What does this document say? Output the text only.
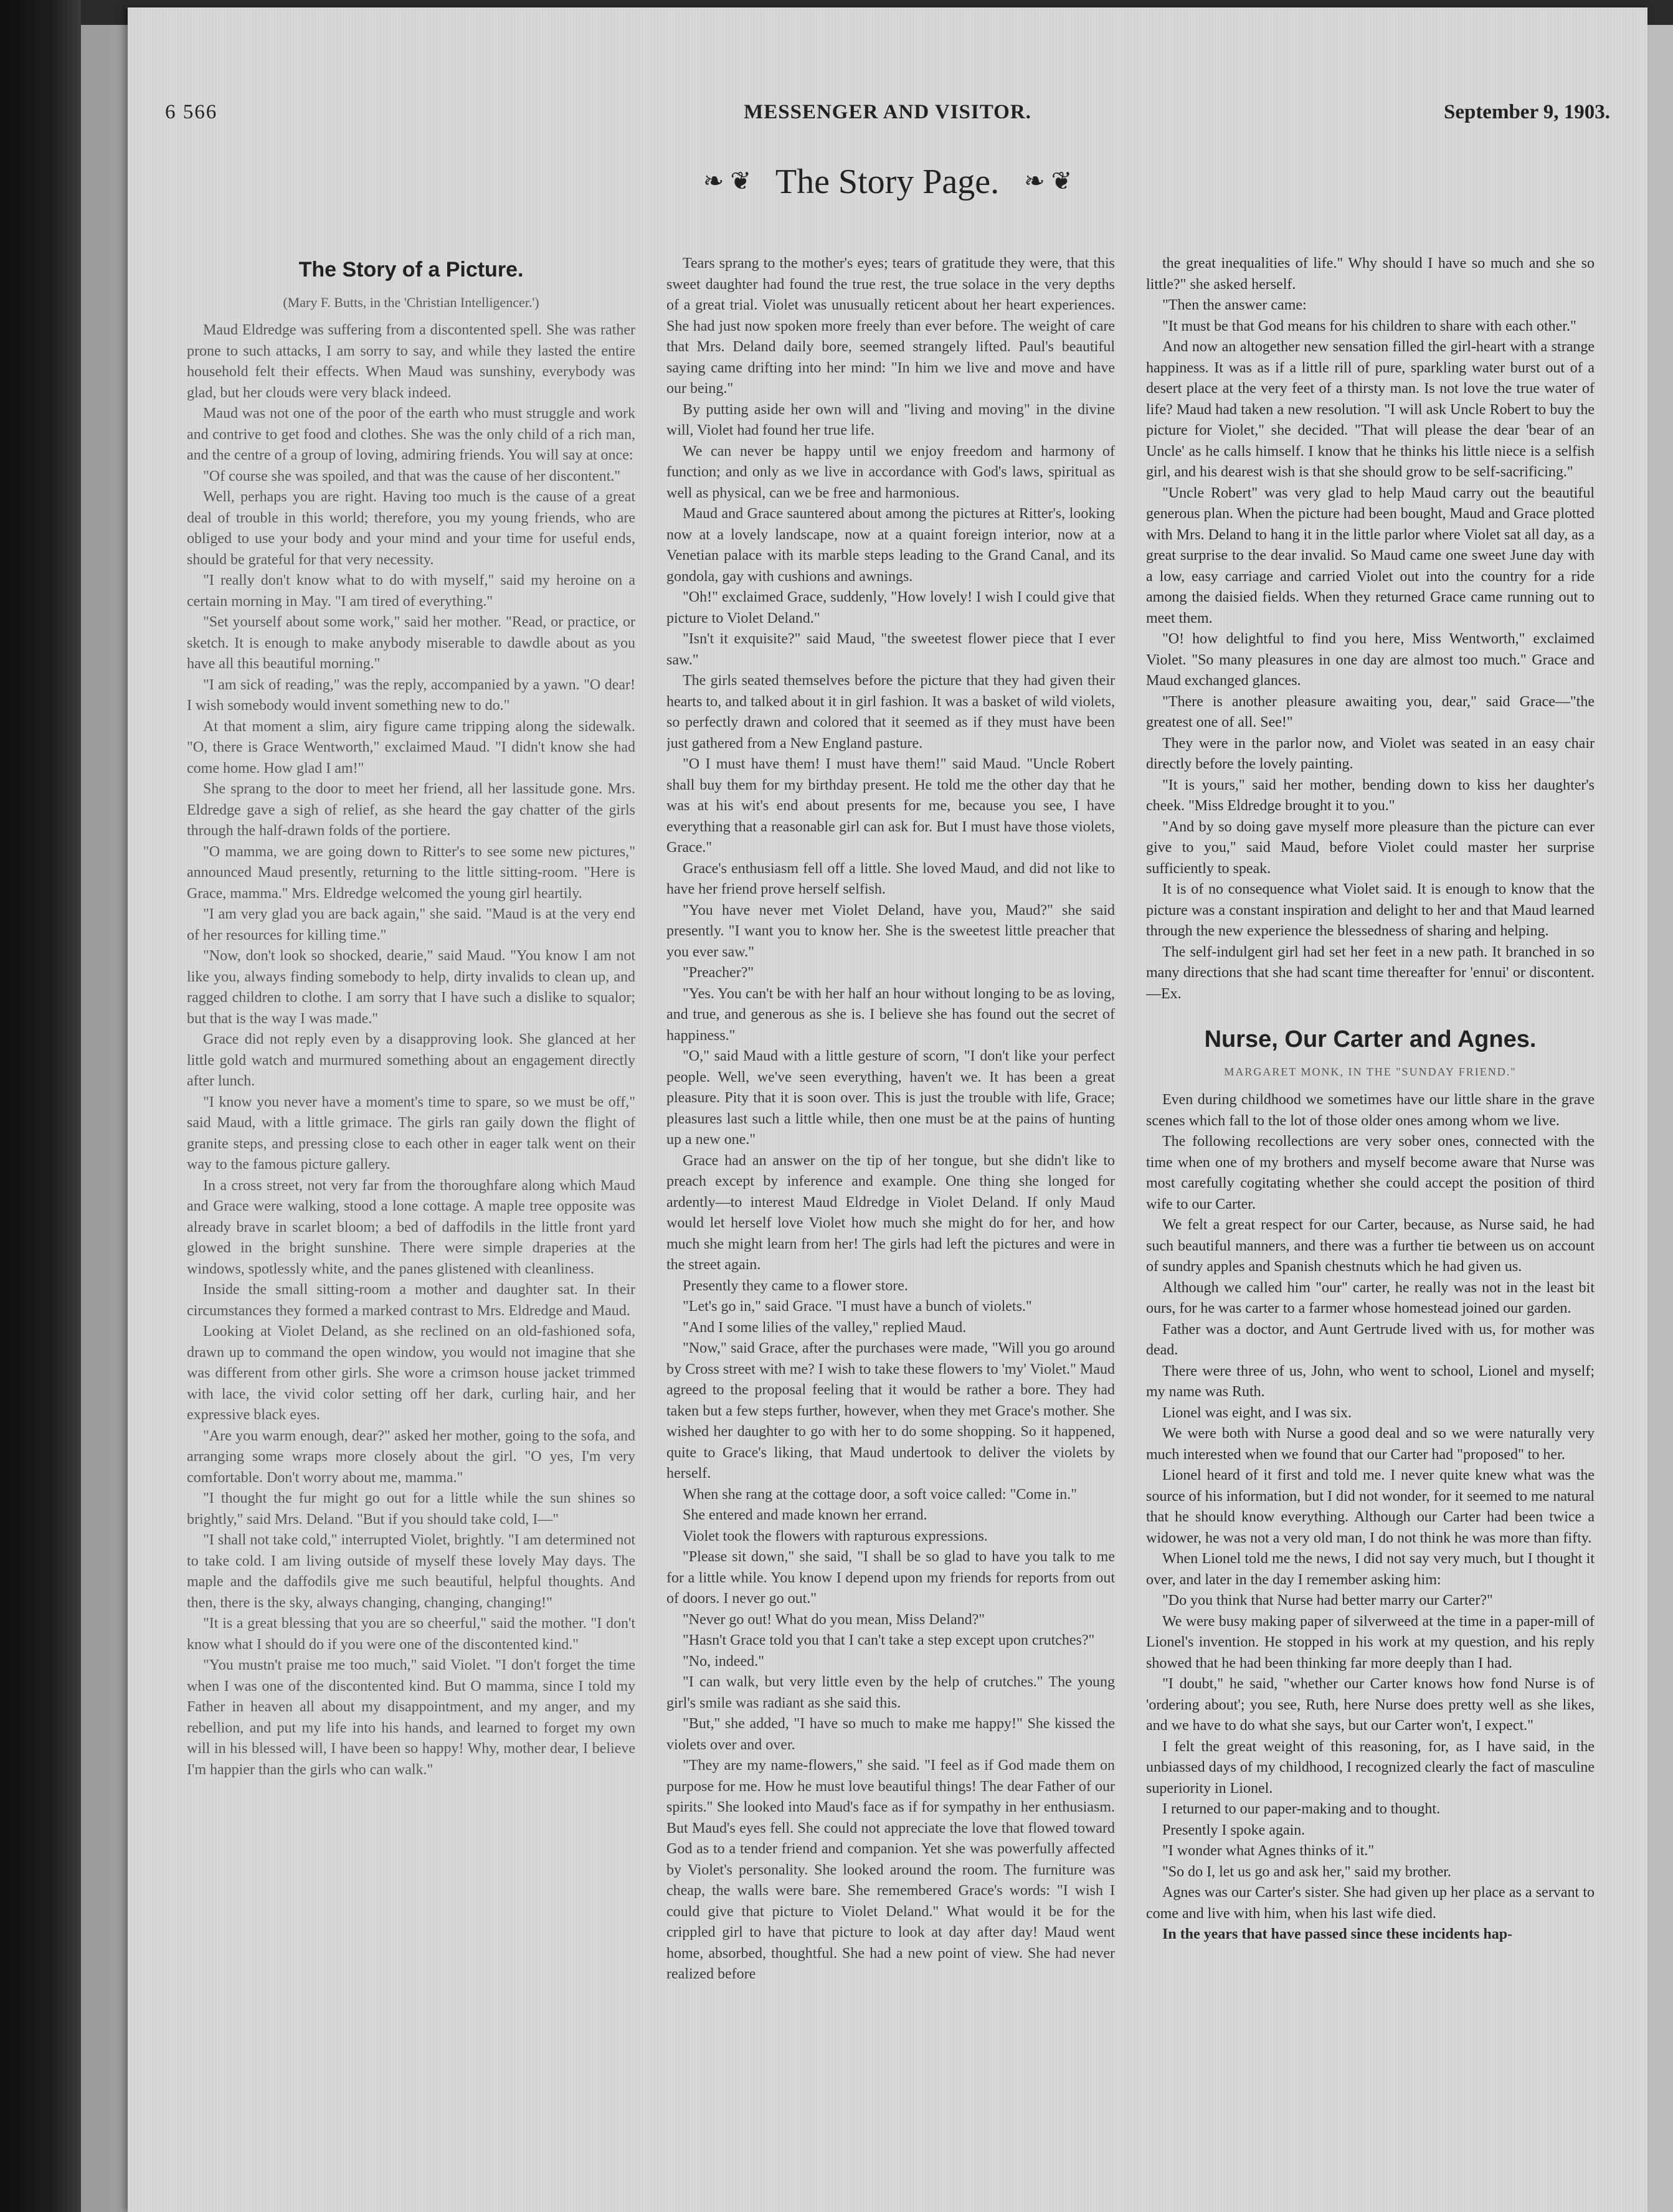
6 566	MESSENGER AND VISITOR.	September 9, 1903.
❧ ❦ The Story Page. ❧ ❦
The Story of a Picture.
(Mary F. Butts, in the 'Christian Intelligencer.')

Maud Eldredge was suffering from a discontented spell. She was rather prone to such attacks, I am sorry to say, and while they lasted the entire household felt their effects. When Maud was sunshiny, everybody was glad, but her clouds were very black indeed.

Maud was not one of the poor of the earth who must struggle and work and contrive to get food and clothes. She was the only child of a rich man, and the centre of a group of loving, admiring friends. You will say at once:

"Of course she was spoiled, and that was the cause of her discontent."

Well, perhaps you are right. Having too much is the cause of a great deal of trouble in this world; therefore, you my young friends, who are obliged to use your body and your mind and your time for useful ends, should be grateful for that very necessity.

"I really don't know what to do with myself," said my heroine on a certain morning in May. "I am tired of everything."

"Set yourself about some work," said her mother. "Read, or practice, or sketch. It is enough to make anybody miserable to dawdle about as you have all this beautiful morning."

"I am sick of reading," was the reply, accompanied by a yawn. "O dear! I wish somebody would invent something new to do."

At that moment a slim, airy figure came tripping along the sidewalk. "O, there is Grace Wentworth," exclaimed Maud. "I didn't know she had come home. How glad I am!"

She sprang to the door to meet her friend, all her lassitude gone. Mrs. Eldredge gave a sigh of relief, as she heard the gay chatter of the girls through the half-drawn folds of the portiere.

"O mamma, we are going down to Ritter's to see some new pictures," announced Maud presently, returning to the little sitting-room. "Here is Grace, mamma." Mrs. Eldredge welcomed the young girl heartily.

"I am very glad you are back again," she said. "Maud is at the very end of her resources for killing time."

"Now, don't look so shocked, dearie," said Maud. "You know I am not like you, always finding somebody to help, dirty invalids to clean up, and ragged children to clothe. I am sorry that I have such a dislike to squalor; but that is the way I was made."

Grace did not reply even by a disapproving look. She glanced at her little gold watch and murmured something about an engagement directly after lunch.

"I know you never have a moment's time to spare, so we must be off," said Maud, with a little grimace. The girls ran gaily down the flight of granite steps, and pressing close to each other in eager talk went on their way to the famous picture gallery.

In a cross street, not very far from the thoroughfare along which Maud and Grace were walking, stood a lone cottage. A maple tree opposite was already brave in scarlet bloom; a bed of daffodils in the little front yard glowed in the bright sunshine. There were simple draperies at the windows, spotlessly white, and the panes glistened with cleanliness.

Inside the small sitting-room a mother and daughter sat. In their circumstances they formed a marked contrast to Mrs. Eldredge and Maud.

Looking at Violet Deland, as she reclined on an old-fashioned sofa, drawn up to command the open window, you would not imagine that she was different from other girls. She wore a crimson house jacket trimmed with lace, the vivid color setting off her dark, curling hair, and her expressive black eyes.

"Are you warm enough, dear?" asked her mother, going to the sofa, and arranging some wraps more closely about the girl. "O yes, I'm very comfortable. Don't worry about me, mamma."

"I thought the fur might go out for a little while the sun shines so brightly," said Mrs. Deland. "But if you should take cold, I—"

"I shall not take cold," interrupted Violet, brightly. "I am determined not to take cold. I am living outside of myself these lovely May days. The maple and the daffodils give me such beautiful, helpful thoughts. And then, there is the sky, always changing, changing, changing!"

"It is a great blessing that you are so cheerful," said the mother. "I don't know what I should do if you were one of the discontented kind."

"You mustn't praise me too much," said Violet. "I don't forget the time when I was one of the discontented kind. But O mamma, since I told my Father in heaven all about my disappointment, and my anger, and my rebellion, and put my life into his hands, and learned to forget my own will in his blessed will, I have been so happy! Why, mother dear, I believe I'm happier than the girls who can walk."

Tears sprang to the mother's eyes; tears of gratitude they were, that this sweet daughter had found the true rest, the true solace in the very depths of a great trial. Violet was unusually reticent about her heart experiences. She had just now spoken more freely than ever before. The weight of care that Mrs. Deland daily bore, seemed strangely lifted. Paul's beautiful saying came drifting into her mind: "In him we live and move and have our being."

By putting aside her own will and "living and moving" in the divine will, Violet had found her true life.

We can never be happy until we enjoy freedom and harmony of function; and only as we live in accordance with God's laws, spiritual as well as physical, can we be free and harmonious.

Maud and Grace sauntered about among the pictures at Ritter's, looking now at a lovely landscape, now at a quaint foreign interior, now at a Venetian palace with its marble steps leading to the Grand Canal, and its gondola, gay with cushions and awnings.

"Oh!" exclaimed Grace, suddenly, "How lovely! I wish I could give that picture to Violet Deland."

"Isn't it exquisite?" said Maud, "the sweetest flower piece that I ever saw."

The girls seated themselves before the picture that they had given their hearts to, and talked about it in girl fashion. It was a basket of wild violets, so perfectly drawn and colored that it seemed as if they must have been just gathered from a New England pasture.

"O I must have them! I must have them!" said Maud. "Uncle Robert shall buy them for my birthday present. He told me the other day that he was at his wit's end about presents for me, because you see, I have everything that a reasonable girl can ask for. But I must have those violets, Grace."

Grace's enthusiasm fell off a little. She loved Maud, and did not like to have her friend prove herself selfish.

"You have never met Violet Deland, have you, Maud?" she said presently. "I want you to know her. She is the sweetest little preacher that you ever saw."

"Preacher?"

"Yes. You can't be with her half an hour without longing to be as loving, and true, and generous as she is. I believe she has found out the secret of happiness."

"O," said Maud with a little gesture of scorn, "I don't like your perfect people. Well, we've seen everything, haven't we. It has been a great pleasure. Pity that it is soon over. This is just the trouble with life, Grace; pleasures last such a little while, then one must be at the pains of hunting up a new one."

Grace had an answer on the tip of her tongue, but she didn't like to preach except by inference and example. One thing she longed for ardently—to interest Maud Eldredge in Violet Deland. If only Maud would let herself love Violet how much she might do for her, and how much she might learn from her! The girls had left the pictures and were in the street again.

Presently they came to a flower store.

"Let's go in," said Grace. "I must have a bunch of violets."

"And I some lilies of the valley," replied Maud.

"Now," said Grace, after the purchases were made, "Will you go around by Cross street with me? I wish to take these flowers to 'my' Violet." Maud agreed to the proposal feeling that it would be rather a bore. They had taken but a few steps further, however, when they met Grace's mother. She wished her daughter to go with her to do some shopping. So it happened, quite to Grace's liking, that Maud undertook to deliver the violets by herself.

When she rang at the cottage door, a soft voice called: "Come in."

She entered and made known her errand.

Violet took the flowers with rapturous expressions.

"Please sit down," she said, "I shall be so glad to have you talk to me for a little while. You know I depend upon my friends for reports from out of doors. I never go out."

"Never go out! What do you mean, Miss Deland?"

"Hasn't Grace told you that I can't take a step except upon crutches?"

"No, indeed."

"I can walk, but very little even by the help of crutches." The young girl's smile was radiant as she said this.

"But," she added, "I have so much to make me happy!" She kissed the violets over and over.

"They are my name-flowers," she said. "I feel as if God made them on purpose for me. How he must love beautiful things! The dear Father of our spirits." She looked into Maud's face as if for sympathy in her enthusiasm. But Maud's eyes fell. She could not appreciate the love that flowed toward God as to a tender friend and companion. Yet she was powerfully affected by Violet's personality. She looked around the room. The furniture was cheap, the walls were bare. She remembered Grace's words: "I wish I could give that picture to Violet Deland." What would it be for the crippled girl to have that picture to look at day after day! Maud went home, absorbed, thoughtful. She had a new point of view. She had never realized before

the great inequalities of life." Why should I have so much and she so little?" she asked herself.

"Then the answer came:

"It must be that God means for his children to share with each other."

And now an altogether new sensation filled the girl-heart with a strange happiness. It was as if a little rill of pure, sparkling water burst out of a desert place at the very feet of a thirsty man. Is not love the true water of life? Maud had taken a new resolution. "I will ask Uncle Robert to buy the picture for Violet," she decided. "That will please the dear 'bear of an Uncle' as he calls himself. I know that he thinks his little niece is a selfish girl, and his dearest wish is that she should grow to be self-sacrificing."

"Uncle Robert" was very glad to help Maud carry out the beautiful generous plan. When the picture had been bought, Maud and Grace plotted with Mrs. Deland to hang it in the little parlor where Violet sat all day, as a great surprise to the dear invalid. So Maud came one sweet June day with a low, easy carriage and carried Violet out into the country for a ride among the daisied fields. When they returned Grace came running out to meet them.

"O! how delightful to find you here, Miss Wentworth," exclaimed Violet. "So many pleasures in one day are almost too much." Grace and Maud exchanged glances.

"There is another pleasure awaiting you, dear," said Grace—"the greatest one of all. See!"

They were in the parlor now, and Violet was seated in an easy chair directly before the lovely painting.

"It is yours," said her mother, bending down to kiss her daughter's cheek. "Miss Eldredge brought it to you."

"And by so doing gave myself more pleasure than the picture can ever give to you," said Maud, before Violet could master her surprise sufficiently to speak.

It is of no consequence what Violet said. It is enough to know that the picture was a constant inspiration and delight to her and that Maud learned through the new experience the blessedness of sharing and helping.

The self-indulgent girl had set her feet in a new path. It branched in so many directions that she had scant time thereafter for 'ennui' or discontent.—Ex.

Nurse, Our Carter and Agnes.
MARGARET MONK, IN THE "SUNDAY FRIEND."

Even during childhood we sometimes have our little share in the grave scenes which fall to the lot of those older ones among whom we live.

The following recollections are very sober ones, connected with the time when one of my brothers and myself become aware that Nurse was most carefully cogitating whether she could accept the position of third wife to our Carter.

We felt a great respect for our Carter, because, as Nurse said, he had such beautiful manners, and there was a further tie between us on account of sundry apples and Spanish chestnuts which he had given us.

Although we called him "our" carter, he really was not in the least bit ours, for he was carter to a farmer whose homestead joined our garden.

Father was a doctor, and Aunt Gertrude lived with us, for mother was dead.

There were three of us, John, who went to school, Lionel and myself; my name was Ruth.

Lionel was eight, and I was six.

We were both with Nurse a good deal and so we were naturally very much interested when we found that our Carter had "proposed" to her.

Lionel heard of it first and told me. I never quite knew what was the source of his information, but I did not wonder, for it seemed to me natural that he should know everything. Although our Carter had been twice a widower, he was not a very old man, I do not think he was more than fifty.

When Lionel told me the news, I did not say very much, but I thought it over, and later in the day I remember asking him:

"Do you think that Nurse had better marry our Carter?"

We were busy making paper of silverweed at the time in a paper-mill of Lionel's invention. He stopped in his work at my question, and his reply showed that he had been thinking far more deeply than I had.

"I doubt," he said, "whether our Carter knows how fond Nurse is of 'ordering about'; you see, Ruth, here Nurse does pretty well as she likes, and we have to do what she says, but our Carter won't, I expect."

I felt the great weight of this reasoning, for, as I have said, in the unbiassed days of my childhood, I recognized clearly the fact of masculine superiority in Lionel.

I returned to our paper-making and to thought.

Presently I spoke again.

"I wonder what Agnes thinks of it."

"So do I, let us go and ask her," said my brother.

Agnes was our Carter's sister. She had given up her place as a servant to come and live with him, when his last wife died.

In the years that have passed since these incidents hap-
